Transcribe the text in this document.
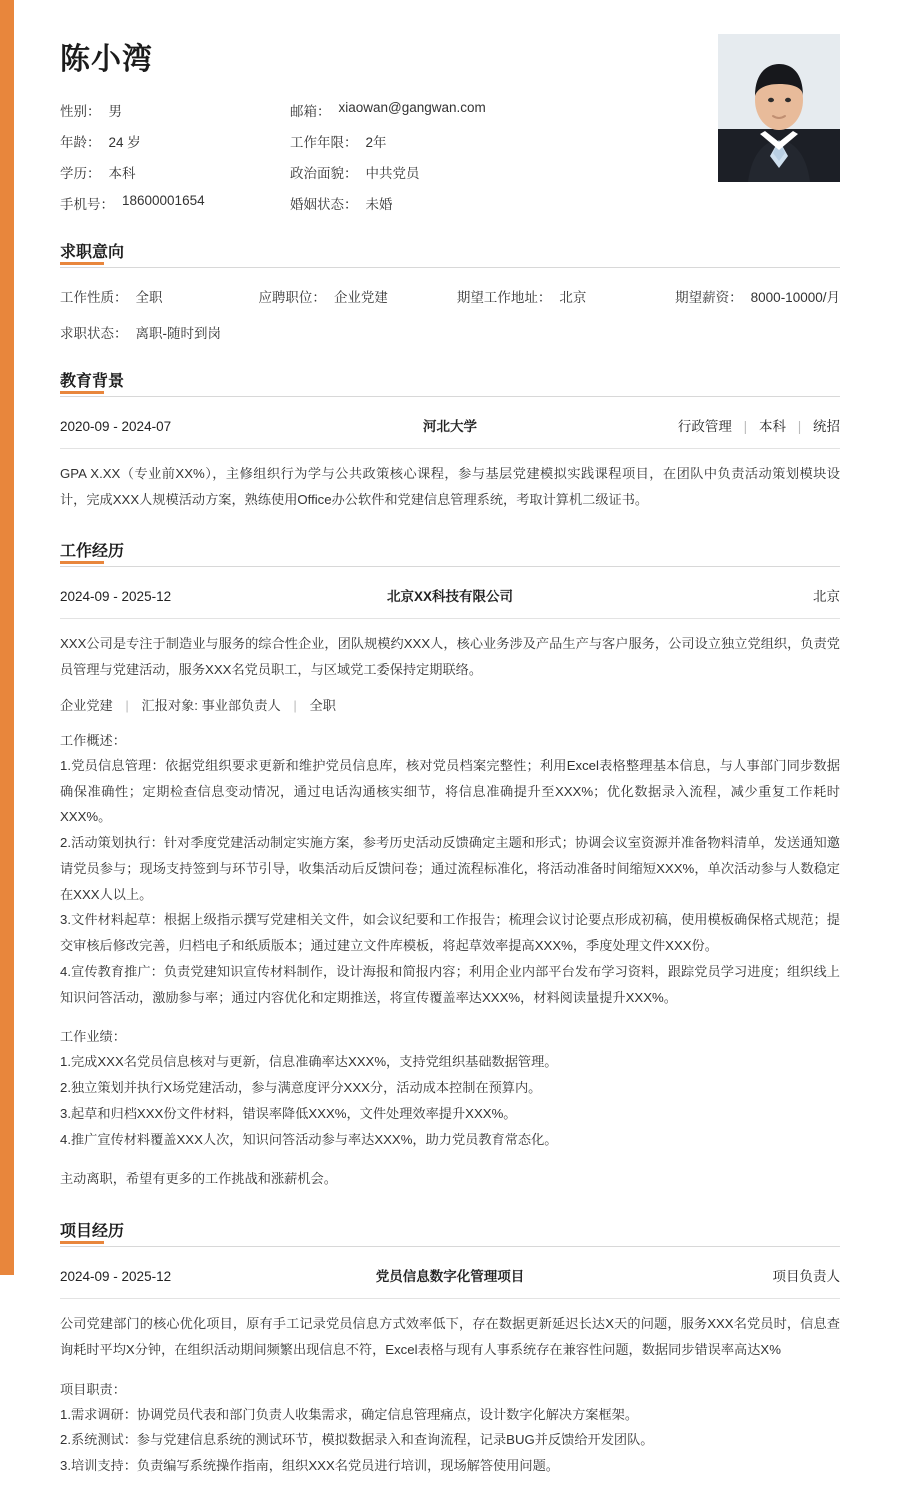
陈小湾
性别： 男	邮箱： xiaowan@gangwan.com
年龄： 24 岁	工作年限： 2年
学历： 本科	政治面貌： 中共党员
手机号： 18600001654	婚姻状态： 未婚
求职意向
工作性质： 全职	应聘职位： 企业党建	期望工作地址： 北京	期望薪资： 8000-10000/月
求职状态： 离职-随时到岗
教育背景
2020-09 - 2024-07	河北大学	行政管理 | 本科 | 统招
GPA X.XX（专业前XX%），主修组织行为学与公共政策核心课程，参与基层党建模拟实践课程项目，在团队中负责活动策划模块设计，完成XXX人规模活动方案，熟练使用Office办公软件和党建信息管理系统，考取计算机二级证书。
工作经历
2024-09 - 2025-12	北京XX科技有限公司	北京
XXX公司是专注于制造业与服务的综合性企业，团队规模约XXX人，核心业务涉及产品生产与客户服务，公司设立独立党组织，负责党员管理与党建活动，服务XXX名党员职工，与区域党工委保持定期联络。
企业党建 | 汇报对象: 事业部负责人 | 全职
工作概述：

1.党员信息管理：依据党组织要求更新和维护党员信息库，核对党员档案完整性；利用Excel表格整理基本信息，与人事部门同步数据确保准确性；定期检查信息变动情况，通过电话沟通核实细节，将信息准确提升至XXX%；优化数据录入流程，减少重复工作耗时XXX%。

2.活动策划执行：针对季度党建活动制定实施方案，参考历史活动反馈确定主题和形式；协调会议室资源并准备物料清单，发送通知邀请党员参与；现场支持签到与环节引导，收集活动后反馈问卷；通过流程标准化，将活动准备时间缩短XXX%，单次活动参与人数稳定在XXX人以上。

3.文件材料起草：根据上级指示撰写党建相关文件，如会议纪要和工作报告；梳理会议讨论要点形成初稿，使用模板确保格式规范；提交审核后修改完善，归档电子和纸质版本；通过建立文件库模板，将起草效率提高XXX%，季度处理文件XXX份。

4.宣传教育推广：负责党建知识宣传材料制作，设计海报和简报内容；利用企业内部平台发布学习资料，跟踪党员学习进度；组织线上知识问答活动，激励参与率；通过内容优化和定期推送，将宣传覆盖率达XXX%，材料阅读量提升XXX%。

工作业绩：

1.完成XXX名党员信息核对与更新，信息准确率达XXX%，支持党组织基础数据管理。

2.独立策划并执行X场党建活动，参与满意度评分XXX分，活动成本控制在预算内。

3.起草和归档XXX份文件材料，错误率降低XXX%，文件处理效率提升XXX%。

4.推广宣传材料覆盖XXX人次，知识问答活动参与率达XXX%，助力党员教育常态化。

主动离职，希望有更多的工作挑战和涨薪机会。
项目经历
2024-09 - 2025-12	党员信息数字化管理项目	项目负责人
公司党建部门的核心优化项目，原有手工记录党员信息方式效率低下，存在数据更新延迟长达X天的问题，服务XXX名党员时，信息查询耗时平均X分钟，在组织活动期间频繁出现信息不符，Excel表格与现有人事系统存在兼容性问题，数据同步错误率高达X%
项目职责：

1.需求调研：协调党员代表和部门负责人收集需求，确定信息管理痛点，设计数字化解决方案框架。

2.系统测试：参与党建信息系统的测试环节，模拟数据录入和查询流程，记录BUG并反馈给开发团队。

3.培训支持：负责编写系统操作指南，组织XXX名党员进行培训，现场解答使用问题。
